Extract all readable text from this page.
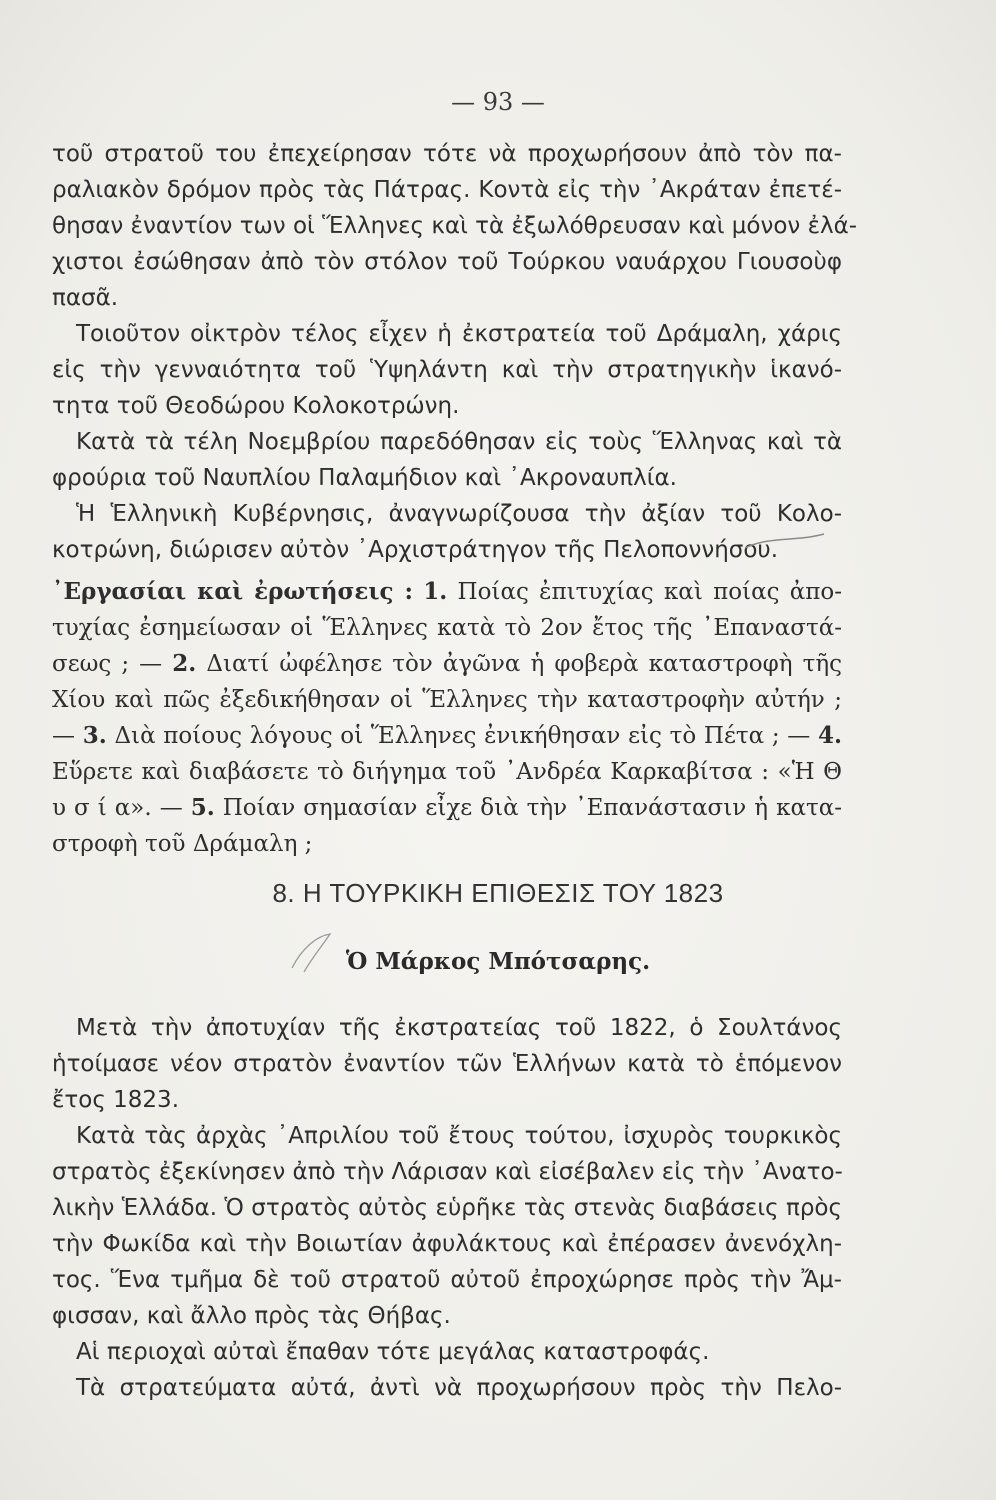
— 93 —
τοῦ στρατοῦ του ἐπεχείρησαν τότε νὰ προχωρήσουν ἀπὸ τὸν πα-
ραλιακὸν δρόμον πρὸς τὰς Πάτρας. Κοντὰ εἰς τὴν ᾿Ακράταν ἐπετέ-
θησαν ἐναντίον των οἱ Ἕλληνες καὶ τὰ ἐξωλόθρευσαν καὶ μόνον ἐλά-
χιστοι ἐσώθησαν ἀπὸ τὸν στόλον τοῦ Τούρκου ναυάρχου Γιουσοὺφ
πασᾶ.
Τοιοῦτον οἰκτρὸν τέλος εἶχεν ἡ ἐκστρατεία τοῦ Δράμαλη, χάρις
εἰς τὴν γενναιότητα τοῦ Ὑψηλάντη καὶ τὴν στρατηγικὴν ἱκανό-
τητα τοῦ Θεοδώρου Κολοκοτρώνη.
Κατὰ τὰ τέλη Νοεμβρίου παρεδόθησαν εἰς τοὺς Ἕλληνας καὶ τὰ
φρούρια τοῦ Ναυπλίου Παλαμήδιον καὶ ᾿Ακροναυπλία.
Ἡ Ἑλληνικὴ Κυβέρνησις, ἀναγνωρίζουσα τὴν ἀξίαν τοῦ Κολο-
κοτρώνη, διώρισεν αὐτὸν ᾿Αρχιστράτηγον τῆς Πελοποννήσου.
᾿Εργασίαι καὶ ἐρωτήσεις : 1. Ποίας ἐπιτυχίας καὶ ποίας ἀπο- τυχίας ἐσημείωσαν οἱ Ἕλληνες κατὰ τὸ 2ον ἔτος τῆς ᾿Επαναστά- σεως ; — 2. Διατί ὠφέλησε τὸν ἀγῶνα ἡ φοβερὰ καταστροφὴ τῆς Χίου καὶ πῶς ἐξεδικήθησαν οἱ Ἕλληνες τὴν καταστροφὴν αὐτήν ; — 3. Διὰ ποίους λόγους οἱ Ἕλληνες ἐνικήθησαν εἰς τὸ Πέτα ; — 4. Εὕρετε καὶ διαβάσετε τὸ διήγημα τοῦ ᾿Ανδρέα Καρκαβίτσα : «Ἡ Θ υ σ ί α». — 5. Ποίαν σημασίαν εἶχε διὰ τὴν ᾿Επανάστασιν ἡ κατα- στροφὴ τοῦ Δράμαλη ;
8. Η ΤΟΥΡΚΙΚΗ ΕΠΙΘΕΣΙΣ ΤΟΥ 1823
Ὁ Μάρκος Μπότσαρης.
Μετὰ τὴν ἀποτυχίαν τῆς ἐκστρατείας τοῦ 1822, ὁ Σουλτάνος
ἡτοίμασε νέον στρατὸν ἐναντίον τῶν Ἑλλήνων κατὰ τὸ ἑπόμενον
ἔτος 1823.
Κατὰ τὰς ἀρχὰς ᾿Απριλίου τοῦ ἔτους τούτου, ἰσχυρὸς τουρκικὸς
στρατὸς ἐξεκίνησεν ἀπὸ τὴν Λάρισαν καὶ εἰσέβαλεν εἰς τὴν ᾿Ανατο-
λικὴν Ἑλλάδα. Ὁ στρατὸς αὐτὸς εὑρῆκε τὰς στενὰς διαβάσεις πρὸς
τὴν Φωκίδα καὶ τὴν Βοιωτίαν ἀφυλάκτους καὶ ἐπέρασεν ἀνενόχλη-
τος. Ἕνα τμῆμα δὲ τοῦ στρατοῦ αὐτοῦ ἐπροχώρησε πρὸς τὴν Ἄμ-
φισσαν, καὶ ἄλλο πρὸς τὰς Θήβας.
Αἱ περιοχαὶ αὐταὶ ἔπαθαν τότε μεγάλας καταστροφάς.
Τὰ στρατεύματα αὐτά, ἀντὶ νὰ προχωρήσουν πρὸς τὴν Πελο-
